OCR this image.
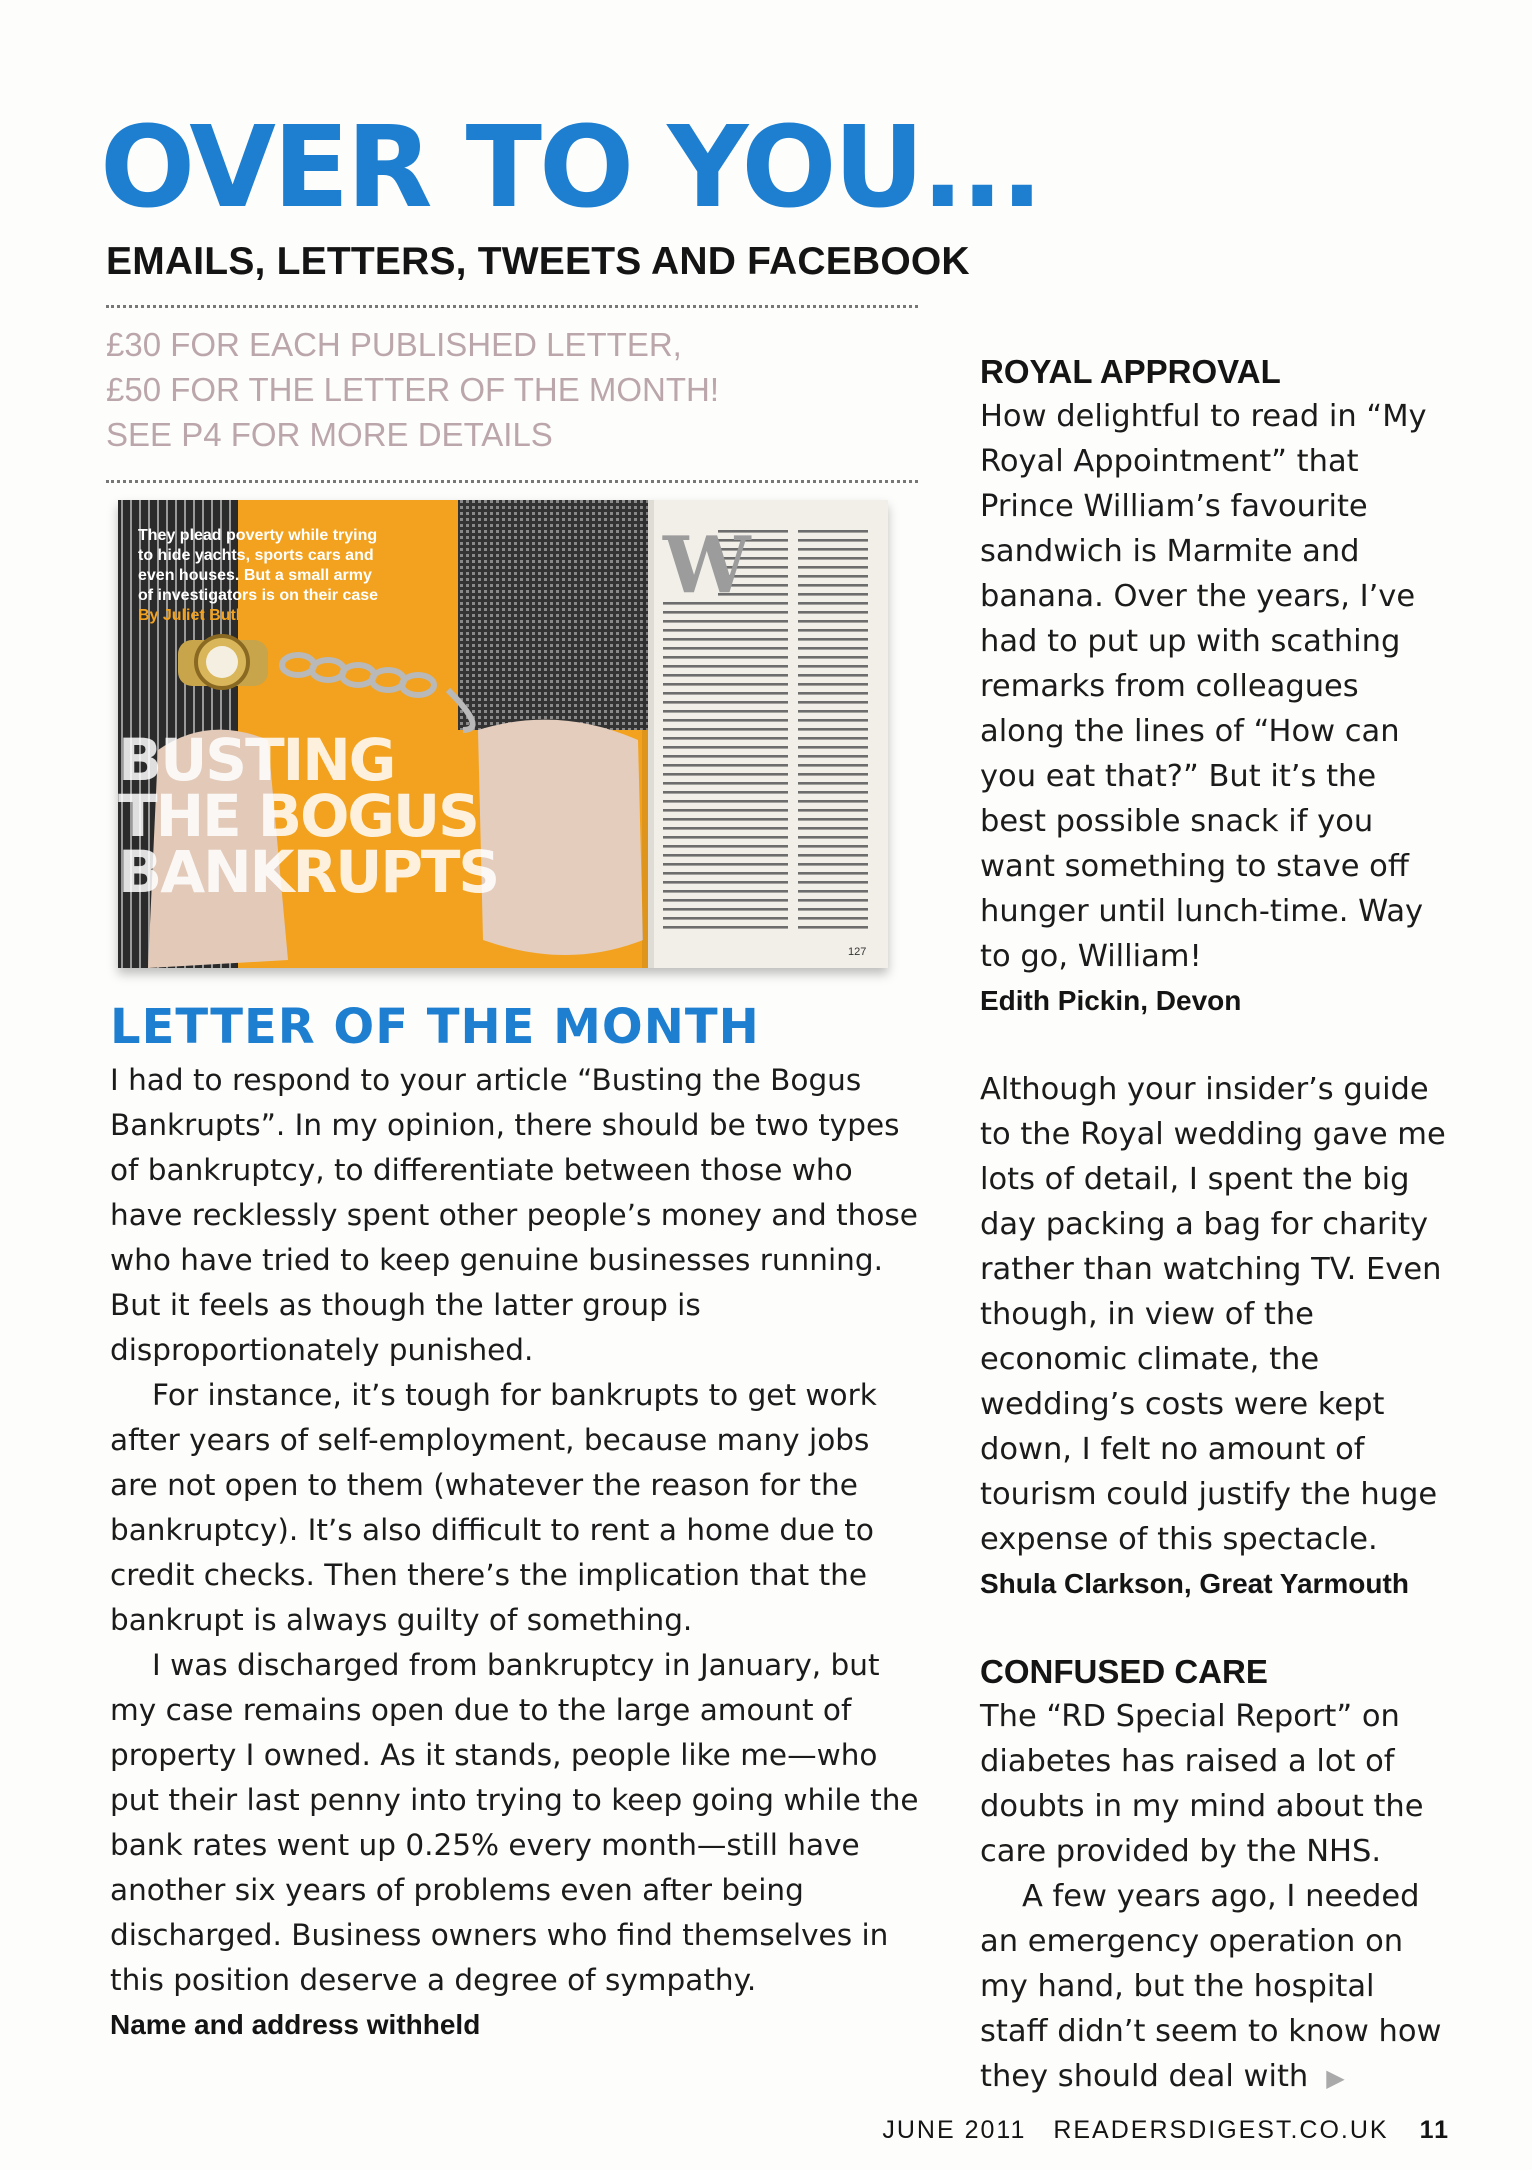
OVER TO YOU...
EMAILS, LETTERS, TWEETS AND FACEBOOK
£30 FOR EACH PUBLISHED LETTER,
£50 FOR THE LETTER OF THE MONTH!
SEE P4 FOR MORE DETAILS
W
127
They plead poverty while trying
to hide yachts, sports cars and
even houses. But a small army
of investigators is on their case
By Juliet Butler
BUSTING
THE BOGUS
BANKRUPTS
LETTER OF THE MONTH

I had to respond to your article “Busting the Bogus Bankrupts”. In my opinion, there should be two types of bankruptcy, to differentiate between those who have recklessly spent other people’s money and those who have tried to keep genuine businesses running. But it feels as though the latter group is disproportionately punished.

For instance, it’s tough for bankrupts to get work after years of self-employment, because many jobs are not open to them (whatever the reason for the bankruptcy). It’s also difficult to rent a home due to credit checks. Then there’s the implication that the bankrupt is always guilty of something.

I was discharged from bankruptcy in January, but my case remains open due to the large amount of property I owned. As it stands, people like me—who put their last penny into trying to keep going while the bank rates went up 0.25% every month—still have another six years of problems even after being discharged. Business owners who find themselves in this position deserve a degree of sympathy.

Name and address withheld

ROYAL APPROVAL

How delightful to read in “My Royal Appointment” that Prince William’s favourite sandwich is Marmite and banana. Over the years, I’ve had to put up with scathing remarks from colleagues along the lines of “How can you eat that?” But it’s the best possible snack if you want something to stave off hunger until lunch-time. Way to go, William!

Edith Pickin, Devon

Although your insider’s guide to the Royal wedding gave me lots of detail, I spent the big day packing a bag for charity rather than watching TV. Even though, in view of the economic climate, the wedding’s costs were kept down, I felt no amount of tourism could justify the huge expense of this spectacle.

Shula Clarkson, Great Yarmouth

CONFUSED CARE

The “RD Special Report” on diabetes has raised a lot of doubts in my mind about the care provided by the NHS.

A few years ago, I needed an emergency operation on my hand, but the hospital staff didn’t seem to know how they should deal with ▶

JUNE 2011 READERSDIGEST.CO.UK 11
